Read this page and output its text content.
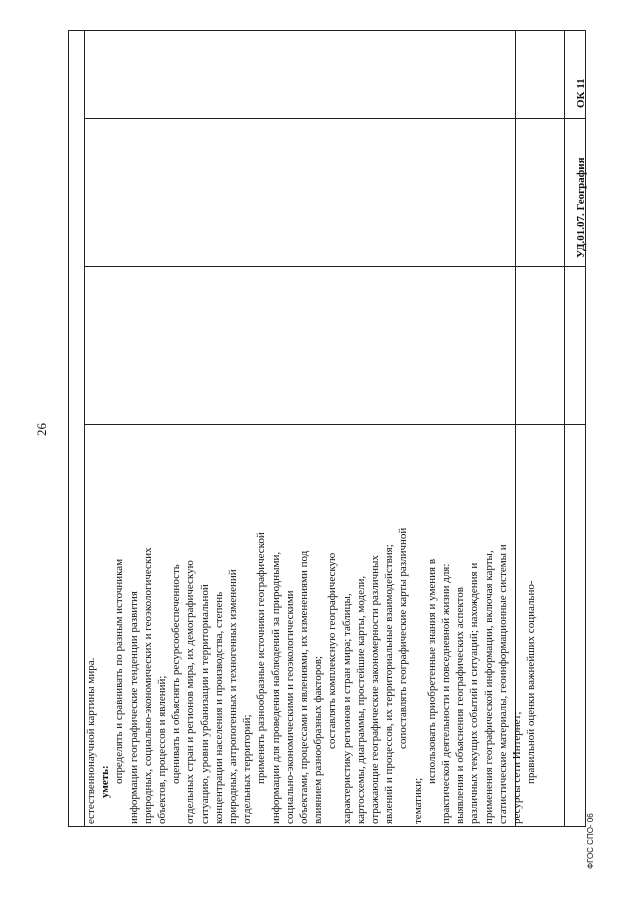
26

естественнонаучной картины мира. уметь: определять и сравнивать по разным источникам информации географические тенденции развития природных, социально-экономических и геоэкологических объектов, процессов и явлений; оценивать и объяснять ресурсообеспеченность отдельных стран и регионов мира, их демографическую ситуацию, уровни урбанизации и территориальной концентрации населения и производства, степень природных, антропогенных и техногенных изменений отдельных территорий; применять разнообразные источники географической информации для проведения наблюдений за природными, социально-экономическими и геоэкологическими объектами, процессами и явлениями, их изменениями под влиянием разнообразных факторов; составлять комплексную географическую характеристику регионов и стран мира; таблицы, картосхемы, диаграммы, простейшие карты, модели, отражающие географические закономерности различных явлений и процессов, их территориальные взаимодействия; сопоставлять географические карты различной

тематики;

использовать приобретенные знания и умения в практической деятельности и повседневной жизни для: выявления и объяснения географических аспектов различных текущих событий и ситуаций; нахождения и применения географической информации, включая карты, статистические материалы, геоинформационные системы и ресурсы сети Интернет; правильной оценки важнейших социально-

ОК 11
УД.01.07. География
ФГОС СПО- 06
